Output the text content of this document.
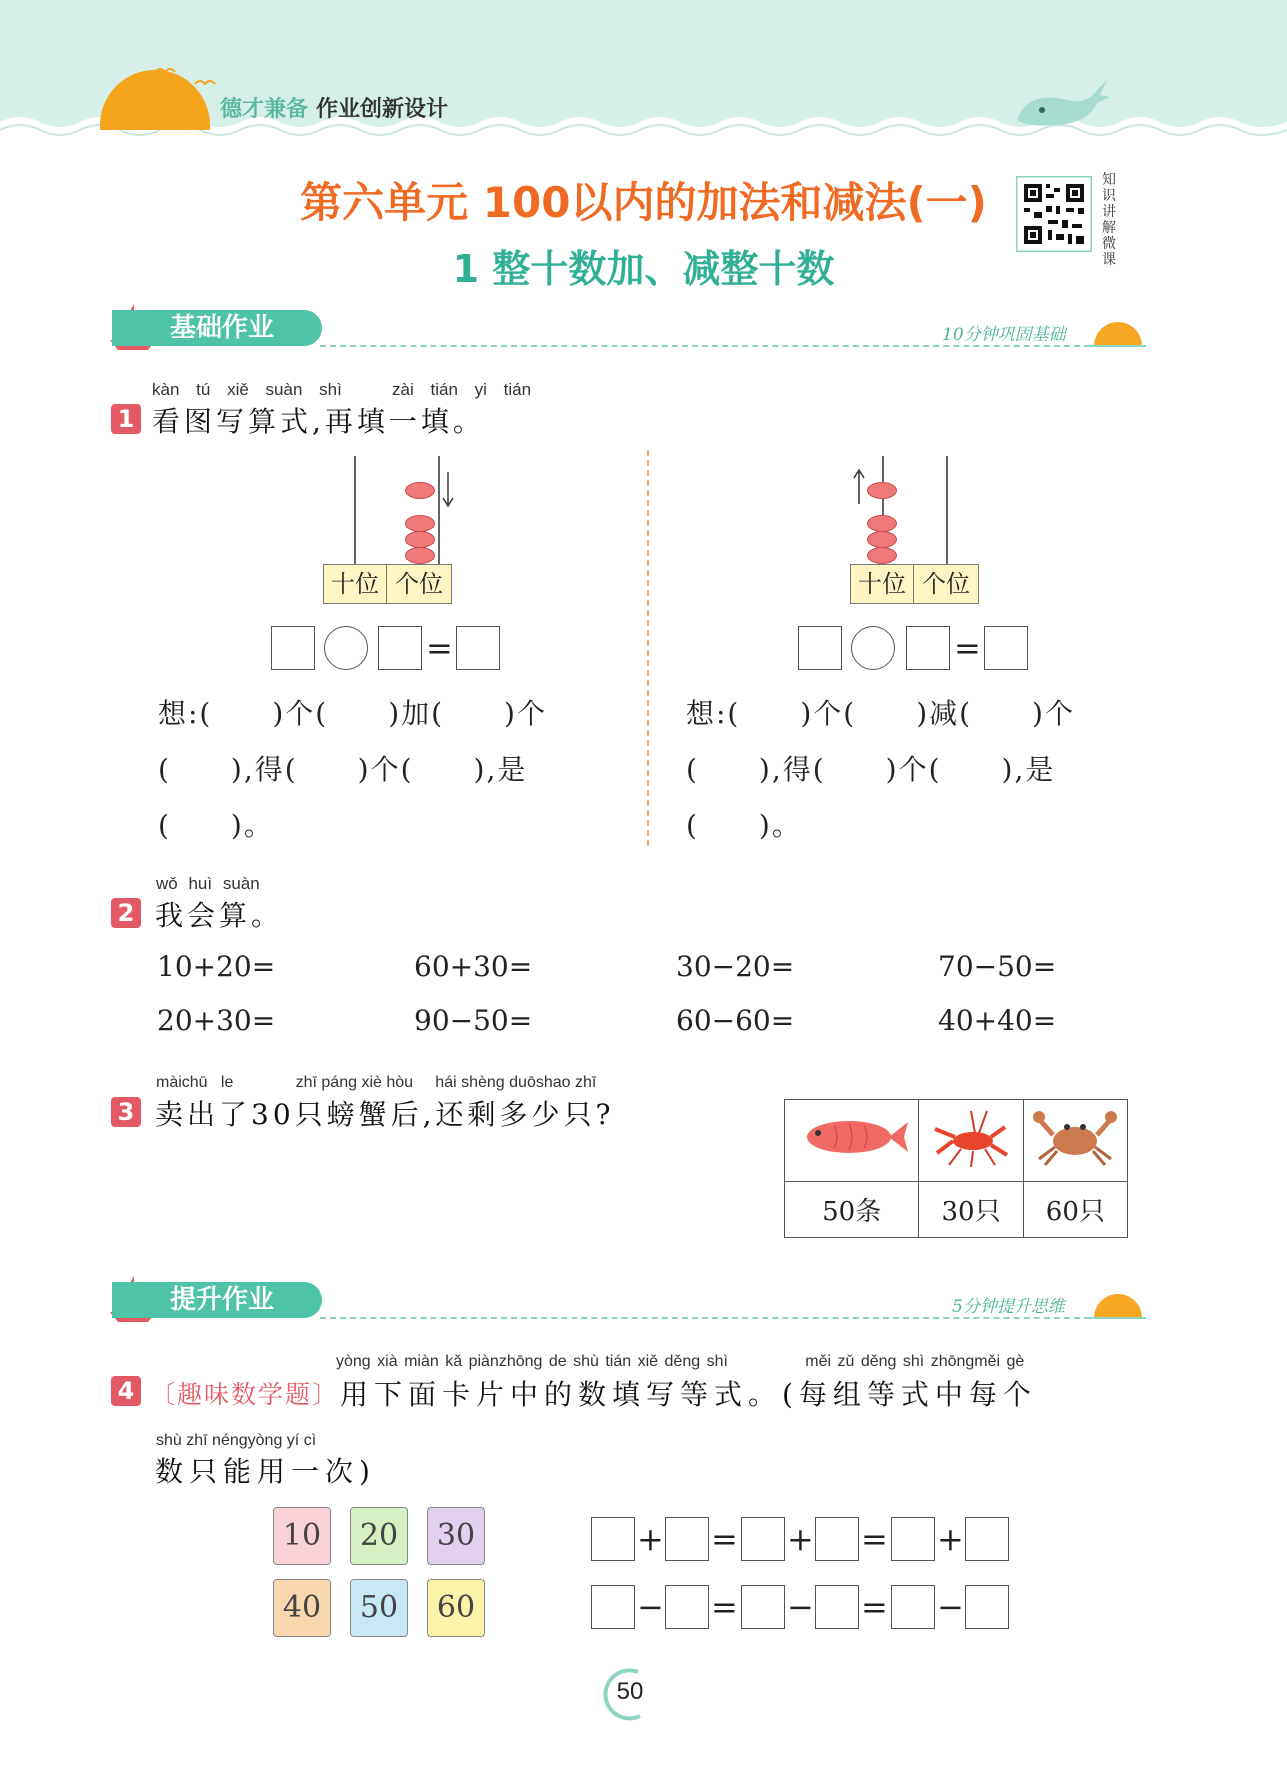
德才兼备 作业创新设计
第六单元 100以内的加法和减法(一)
1 整十数加、减整十数
知识讲解微课
基础作业	10分钟巩固基础
kàn tú xiě suàn shì	zài tián yi tián
1 看图写算式,再填一填。
十位 个位
=
想:(　　)个(　　)加(　　)个
(　　),得(　　)个(　　),是
(　　)。
十位 个位
=
想:(　　)个(　　)减(　　)个
(　　),得(　　)个(　　),是
(　　)。
wǒ huì suàn
2 我会算。
10+20=	60+30=	30−20=	70−50=
20+30=	90−50=	60−60=	40+40=
màichū le	zhī páng xiè hòu hái shèng duōshao zhī
3 卖出了30只螃蟹后,还剩多少只?

50条	30只	60只
提升作业	5分钟提升思维
yòng xià miàn kǎ piànzhōng de shù tián xiě děng shì	měi zǔ děng shì zhōngměi gè
4 〔趣味数学题〕 用下面卡片中的数填写等式。(每组等式中每个
shù zhī néngyòng yí cì
数只能用一次)
10	20	30
40	50	60
+ = + = +
− = − = −
50
